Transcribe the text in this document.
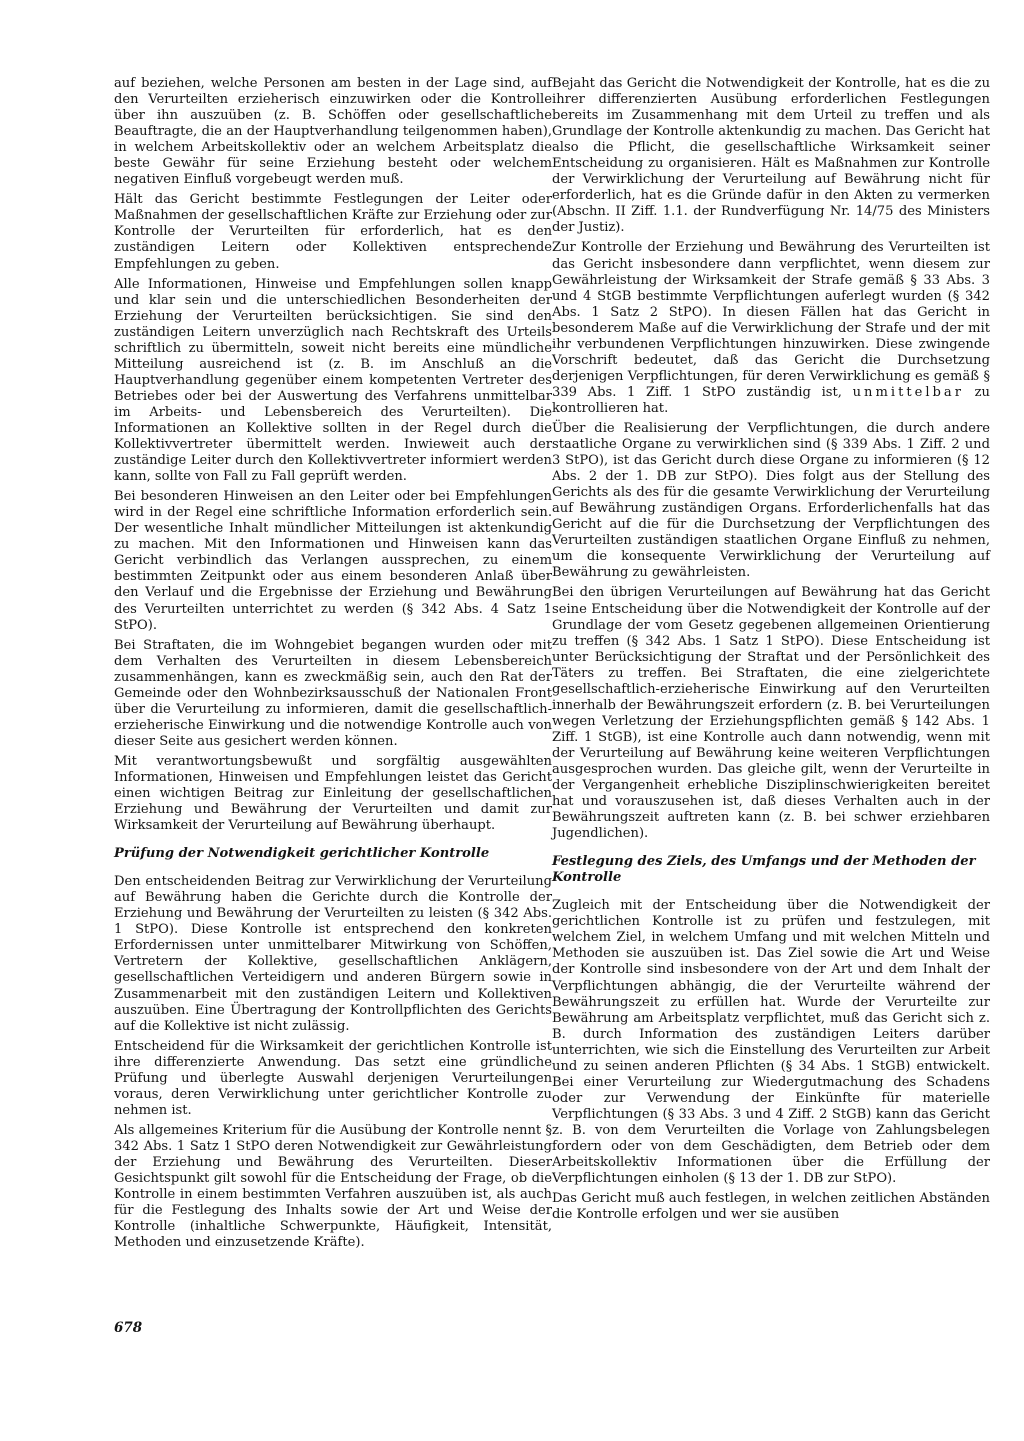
auf beziehen, welche Personen am besten in der Lage sind, auf den Verurteilten erzieherisch einzuwirken oder die Kontrolle über ihn auszuüben (z. B. Schöffen oder gesellschaftliche Beauftragte, die an der Hauptverhandlung teilgenommen haben), in welchem Arbeitskollektiv oder an welchem Arbeitsplatz die beste Gewähr für seine Erziehung besteht oder welchem negativen Einfluß vorgebeugt werden muß.

Hält das Gericht bestimmte Festlegungen der Leiter oder Maßnahmen der gesellschaftlichen Kräfte zur Erziehung oder zur Kontrolle der Verurteilten für erforderlich, hat es den zuständigen Leitern oder Kollektiven entsprechende Empfehlungen zu geben.

Alle Informationen, Hinweise und Empfehlungen sollen knapp und klar sein und die unterschiedlichen Besonderheiten der Erziehung der Verurteilten berücksichtigen. Sie sind den zuständigen Leitern unverzüglich nach Rechtskraft des Urteils schriftlich zu übermitteln, soweit nicht bereits eine mündliche Mitteilung ausreichend ist (z. B. im Anschluß an die Hauptverhandlung gegenüber einem kompetenten Vertreter des Betriebes oder bei der Auswertung des Verfahrens unmittelbar im Arbeits- und Lebensbereich des Verurteilten). Die Informationen an Kollektive sollten in der Regel durch die Kollektivvertreter übermittelt werden. Inwieweit auch der zuständige Leiter durch den Kollektivvertreter informiert werden kann, sollte von Fall zu Fall geprüft werden.

Bei besonderen Hinweisen an den Leiter oder bei Empfehlungen wird in der Regel eine schriftliche Information erforderlich sein. Der wesentliche Inhalt mündlicher Mitteilungen ist aktenkundig zu machen. Mit den Informationen und Hinweisen kann das Gericht verbindlich das Verlangen aussprechen, zu einem bestimmten Zeitpunkt oder aus einem besonderen Anlaß über den Verlauf und die Ergebnisse der Erziehung und Bewährung des Verurteilten unterrichtet zu werden (§ 342 Abs. 4 Satz 1 StPO).

Bei Straftaten, die im Wohngebiet begangen wurden oder mit dem Verhalten des Verurteilten in diesem Lebensbereich zusammenhängen, kann es zweckmäßig sein, auch den Rat der Gemeinde oder den Wohnbezirksausschuß der Nationalen Front über die Verurteilung zu informieren, damit die gesellschaftlich-erzieherische Einwirkung und die notwendige Kontrolle auch von dieser Seite aus gesichert werden können.

Mit verantwortungsbewußt und sorgfältig ausgewählten Informationen, Hinweisen und Empfehlungen leistet das Gericht einen wichtigen Beitrag zur Einleitung der gesellschaftlichen Erziehung und Bewährung der Verurteilten und damit zur Wirksamkeit der Verurteilung auf Bewährung überhaupt.

Prüfung der Notwendigkeit gerichtlicher Kontrolle

Den entscheidenden Beitrag zur Verwirklichung der Verurteilung auf Bewährung haben die Gerichte durch die Kontrolle der Erziehung und Bewährung der Verurteilten zu leisten (§ 342 Abs. 1 StPO). Diese Kontrolle ist entsprechend den konkreten Erfordernissen unter unmittelbarer Mitwirkung von Schöffen, Vertretern der Kollektive, gesellschaftlichen Anklägern, gesellschaftlichen Verteidigern und anderen Bürgern sowie in Zusammenarbeit mit den zuständigen Leitern und Kollektiven auszuüben. Eine Übertragung der Kontrollpflichten des Gerichts auf die Kollektive ist nicht zulässig.

Entscheidend für die Wirksamkeit der gerichtlichen Kontrolle ist ihre differenzierte Anwendung. Das setzt eine gründliche Prüfung und überlegte Auswahl derjenigen Verurteilungen voraus, deren Verwirklichung unter gerichtlicher Kontrolle zu nehmen ist.

Als allgemeines Kriterium für die Ausübung der Kontrolle nennt § 342 Abs. 1 Satz 1 StPO deren Notwendigkeit zur Gewährleistung der Erziehung und Bewährung des Verurteilten. Dieser Gesichtspunkt gilt sowohl für die Entscheidung der Frage, ob die Kontrolle in einem bestimmten Verfahren auszuüben ist, als auch für die Festlegung des Inhalts sowie der Art und Weise der Kontrolle (inhaltliche Schwerpunkte, Häufigkeit, Intensität, Methoden und einzusetzende Kräfte).

Bejaht das Gericht die Notwendigkeit der Kontrolle, hat es die zu ihrer differenzierten Ausübung erforderlichen Festlegungen bereits im Zusammenhang mit dem Urteil zu treffen und als Grundlage der Kontrolle aktenkundig zu machen. Das Gericht hat also die Pflicht, die gesellschaftliche Wirksamkeit seiner Entscheidung zu organisieren. Hält es Maßnahmen zur Kontrolle der Verwirklichung der Verurteilung auf Bewährung nicht für erforderlich, hat es die Gründe dafür in den Akten zu vermerken (Abschn. II Ziff. 1.1. der Rundverfügung Nr. 14/75 des Ministers der Justiz).

Zur Kontrolle der Erziehung und Bewährung des Verurteilten ist das Gericht insbesondere dann verpflichtet, wenn diesem zur Gewährleistung der Wirksamkeit der Strafe gemäß § 33 Abs. 3 und 4 StGB bestimmte Verpflichtungen auferlegt wurden (§ 342 Abs. 1 Satz 2 StPO). In diesen Fällen hat das Gericht in besonderem Maße auf die Verwirklichung der Strafe und der mit ihr verbundenen Verpflichtungen hinzuwirken. Diese zwingende Vorschrift bedeutet, daß das Gericht die Durchsetzung derjenigen Verpflichtungen, für deren Verwirklichung es gemäß § 339 Abs. 1 Ziff. 1 StPO zuständig ist, unmittelbar zu kontrollieren hat.

Über die Realisierung der Verpflichtungen, die durch andere staatliche Organe zu verwirklichen sind (§ 339 Abs. 1 Ziff. 2 und 3 StPO), ist das Gericht durch diese Organe zu informieren (§ 12 Abs. 2 der 1. DB zur StPO). Dies folgt aus der Stellung des Gerichts als des für die gesamte Verwirklichung der Verurteilung auf Bewährung zuständigen Organs. Erforderlichenfalls hat das Gericht auf die für die Durchsetzung der Verpflichtungen des Verurteilten zuständigen staatlichen Organe Einfluß zu nehmen, um die konsequente Verwirklichung der Verurteilung auf Bewährung zu gewährleisten.

Bei den übrigen Verurteilungen auf Bewährung hat das Gericht seine Entscheidung über die Notwendigkeit der Kontrolle auf der Grundlage der vom Gesetz gegebenen allgemeinen Orientierung zu treffen (§ 342 Abs. 1 Satz 1 StPO). Diese Entscheidung ist unter Berücksichtigung der Straftat und der Persönlichkeit des Täters zu treffen. Bei Straftaten, die eine zielgerichtete gesellschaftlich-erzieherische Einwirkung auf den Verurteilten innerhalb der Bewährungszeit erfordern (z. B. bei Verurteilungen wegen Verletzung der Erziehungspflichten gemäß § 142 Abs. 1 Ziff. 1 StGB), ist eine Kontrolle auch dann notwendig, wenn mit der Verurteilung auf Bewährung keine weiteren Verpflichtungen ausgesprochen wurden. Das gleiche gilt, wenn der Verurteilte in der Vergangenheit erhebliche Disziplinschwierigkeiten bereitet hat und vorauszusehen ist, daß dieses Verhalten auch in der Bewährungszeit auftreten kann (z. B. bei schwer erziehbaren Jugendlichen).

Festlegung des Ziels, des Umfangs und der Methoden der Kontrolle

Zugleich mit der Entscheidung über die Notwendigkeit der gerichtlichen Kontrolle ist zu prüfen und festzulegen, mit welchem Ziel, in welchem Umfang und mit welchen Mitteln und Methoden sie auszuüben ist. Das Ziel sowie die Art und Weise der Kontrolle sind insbesondere von der Art und dem Inhalt der Verpflichtungen abhängig, die der Verurteilte während der Bewährungszeit zu erfüllen hat. Wurde der Verurteilte zur Bewährung am Arbeitsplatz verpflichtet, muß das Gericht sich z. B. durch Information des zuständigen Leiters darüber unterrichten, wie sich die Einstellung des Verurteilten zur Arbeit und zu seinen anderen Pflichten (§ 34 Abs. 1 StGB) entwickelt. Bei einer Verurteilung zur Wiedergutmachung des Schadens oder zur Verwendung der Einkünfte für materielle Verpflichtungen (§ 33 Abs. 3 und 4 Ziff. 2 StGB) kann das Gericht z. B. von dem Verurteilten die Vorlage von Zahlungsbelegen fordern oder von dem Geschädigten, dem Betrieb oder dem Arbeitskollektiv Informationen über die Erfüllung der Verpflichtungen einholen (§ 13 der 1. DB zur StPO).

Das Gericht muß auch festlegen, in welchen zeitlichen Abständen die Kontrolle erfolgen und wer sie ausüben

678
